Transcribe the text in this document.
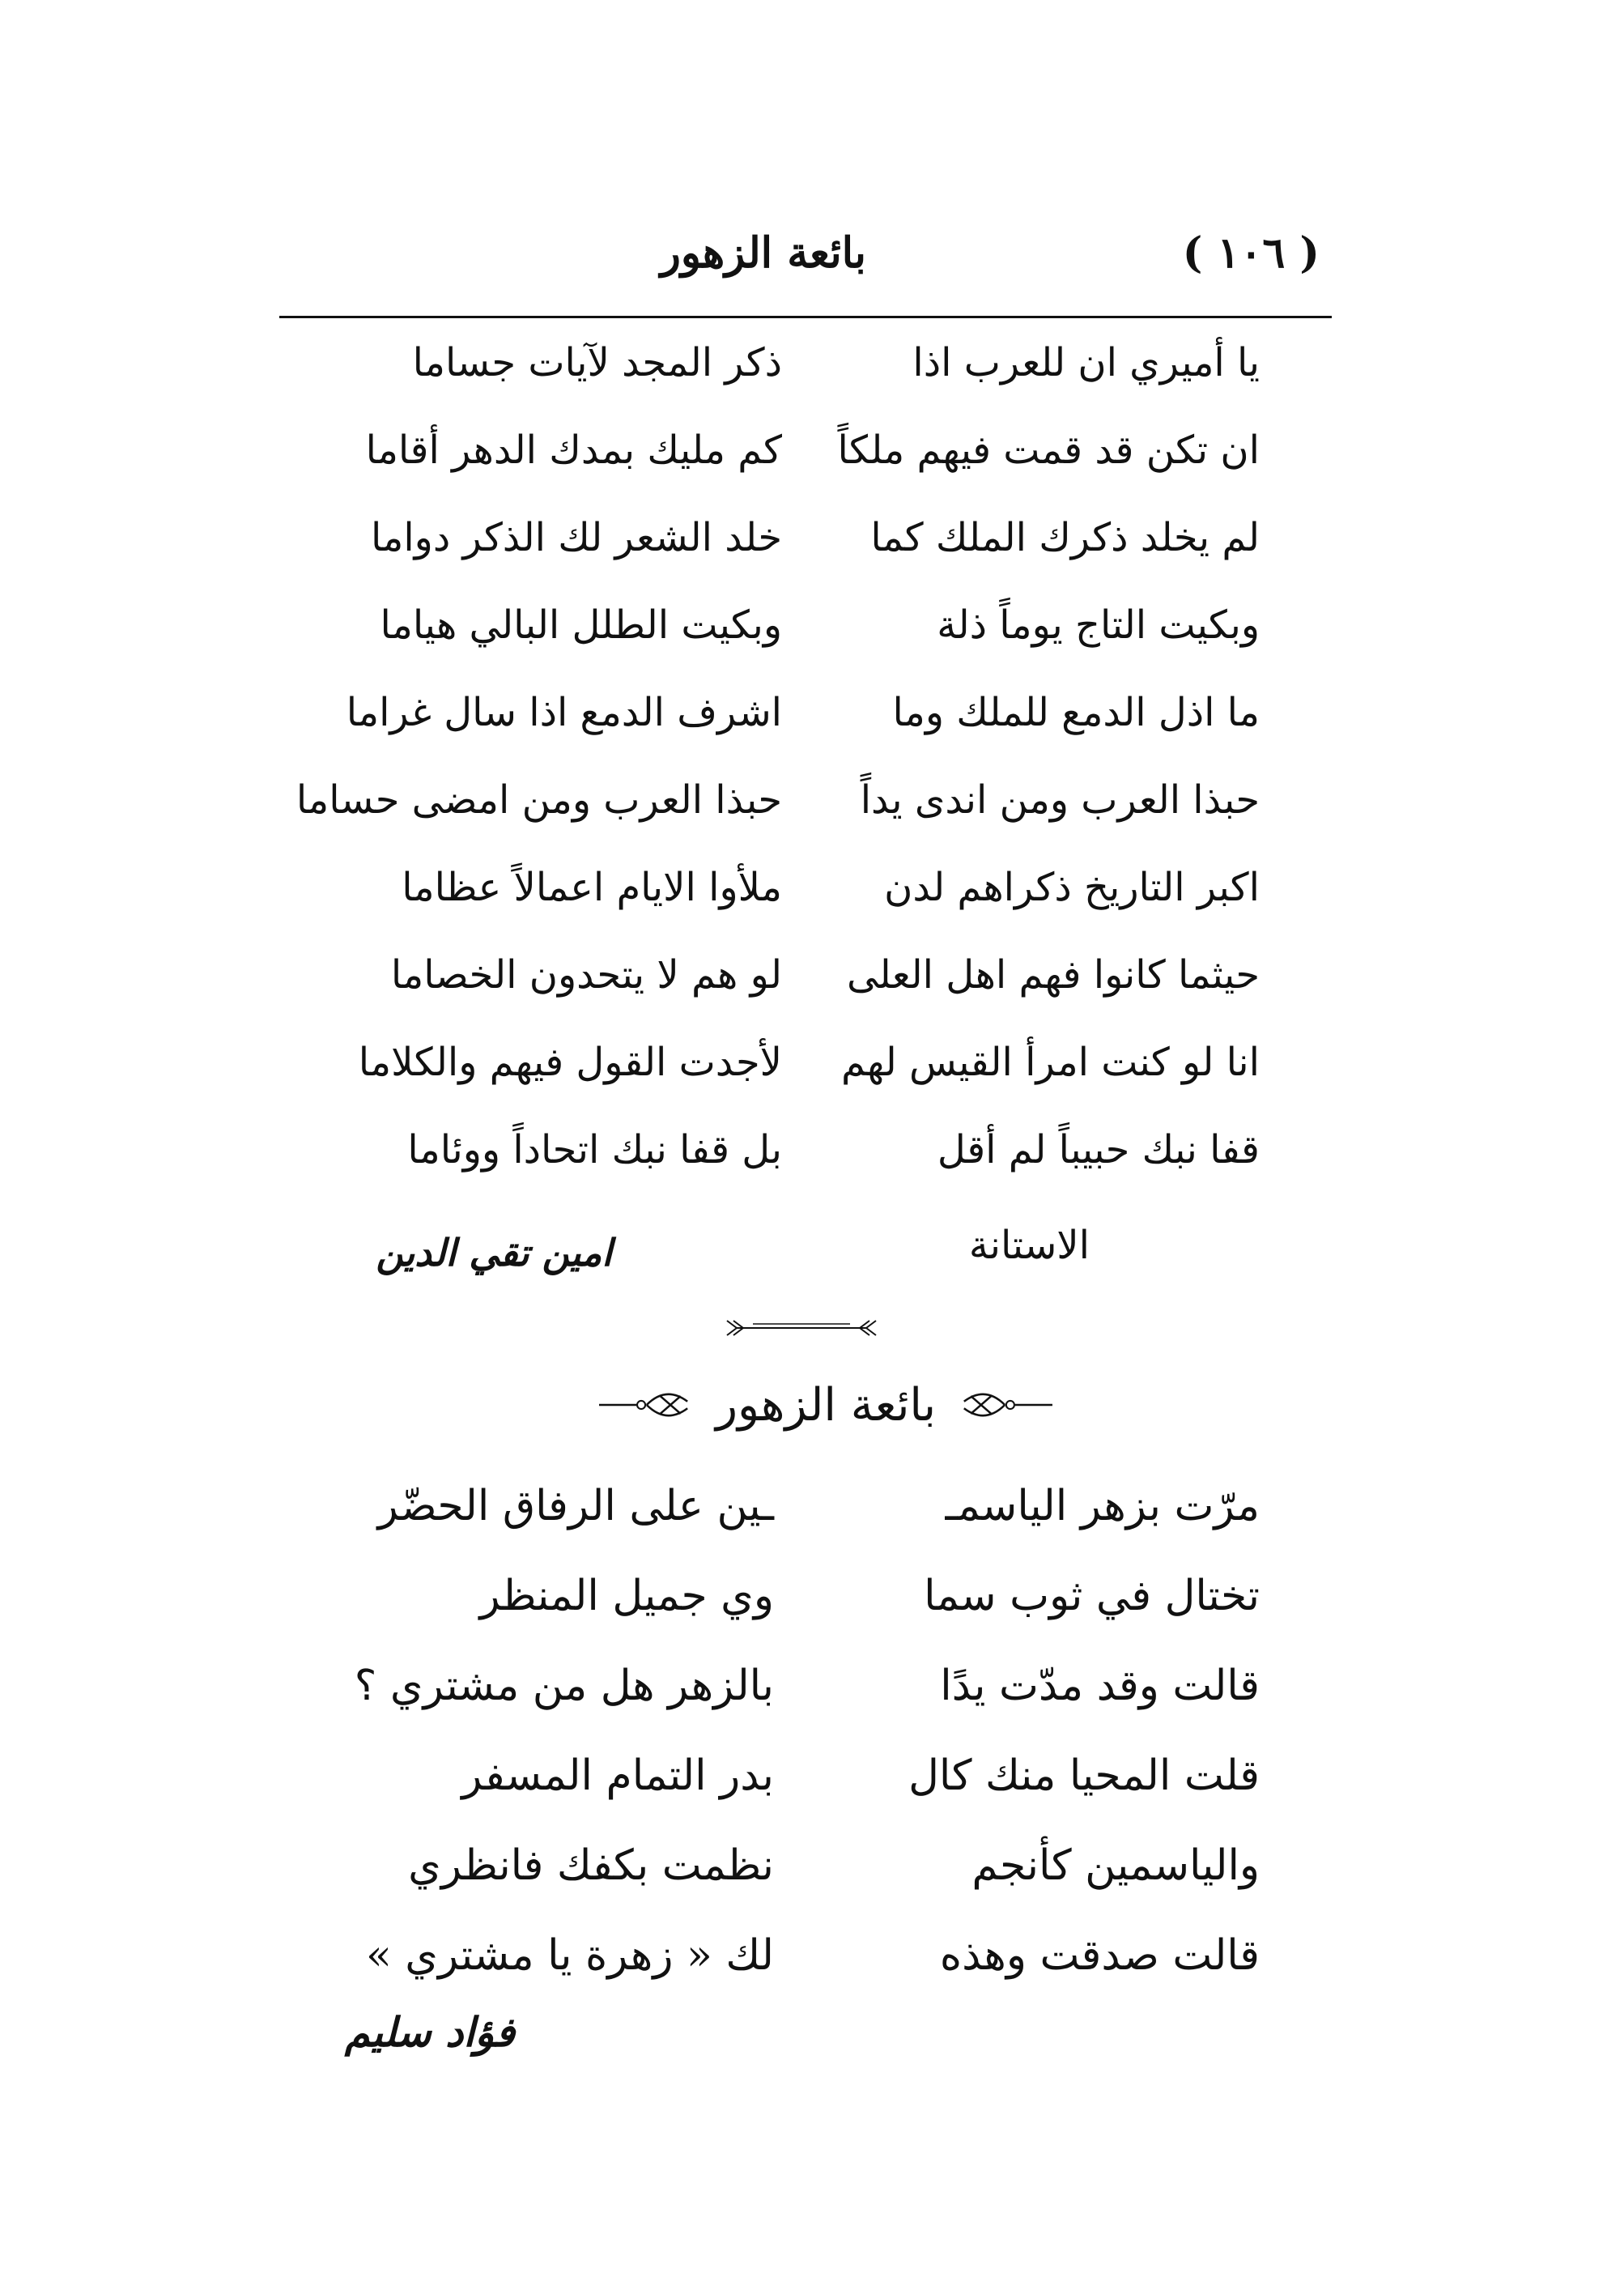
( ١٠٦ )
بائعة الزهور
يا أميري ان للعرب اذا
ذكر المجد لآيات جساما
ان تكن قد قمت فيهم ملكاً
كم مليك بمدك الدهر أقاما
لم يخلد ذكرك الملك كما
خلد الشعر لك الذكر دواما
وبكيت التاج يوماً ذلة
وبكيت الطلل البالي هياما
ما اذل الدمع للملك وما
اشرف الدمع اذا سال غراما
حبذا العرب ومن اندى يداً
حبذا العرب ومن امضى حساما
اكبر التاريخ ذكراهم لدن
ملأوا الايام اعمالاً عظاما
حيثما كانوا فهم اهل العلى
لو هم لا يتحدون الخصاما
انا لو كنت امرأ القيس لهم
لأجدت القول فيهم والكلاما
قفا نبك حبيباً لم أقل
بل قفا نبك اتحاداً ووئاما
الاستانة
امين تقي الدين
بائعة الزهور
مرّت بزهر الياسمـ
ـين على الرفاق الحضّر
تختال في ثوب سما
وي جميل المنظر
قالت وقد مدّت يدًا
بالزهر هل من مشتري ؟
قلت المحيا منك كال
بدر التمام المسفر
والياسمين كأنجم
نظمت بكفك فانظري
قالت صدقت وهذه
لك « زهرة يا مشتري »
فؤاد سليم
